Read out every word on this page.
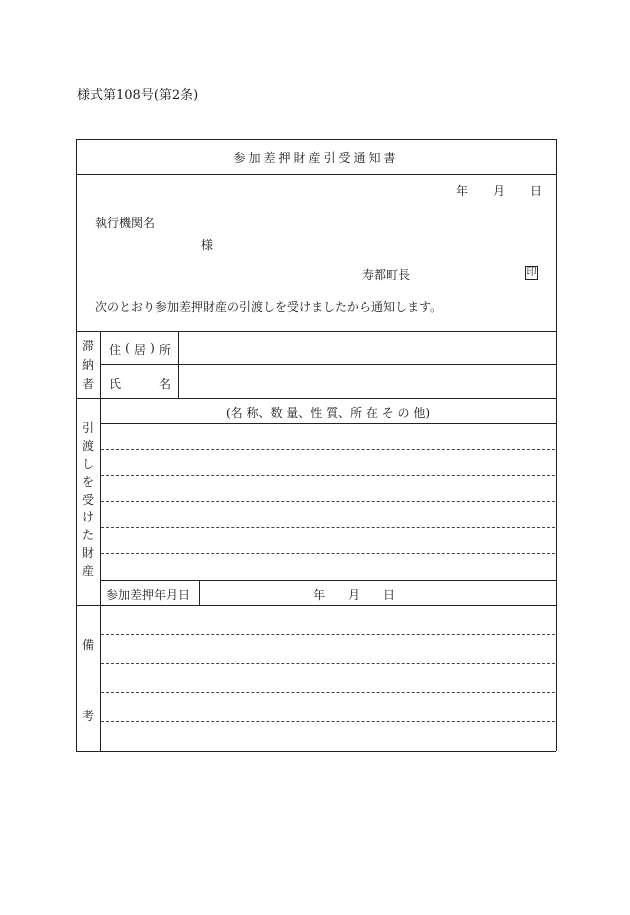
様式第108号(第2条)
参加差押財産引受通知書
年 月 日
執行機関名
様
寿都町長	印
次のとおり参加差押財産の引渡しを受けましたから通知します。
滞
納
者
住 ( 居 ) 所
氏	名
引
渡
し
を
受
け
た
財
産
(名 称、数 量、性 質、所 在 そ の 他)
参加差押年月日	年 月 日
備
考
